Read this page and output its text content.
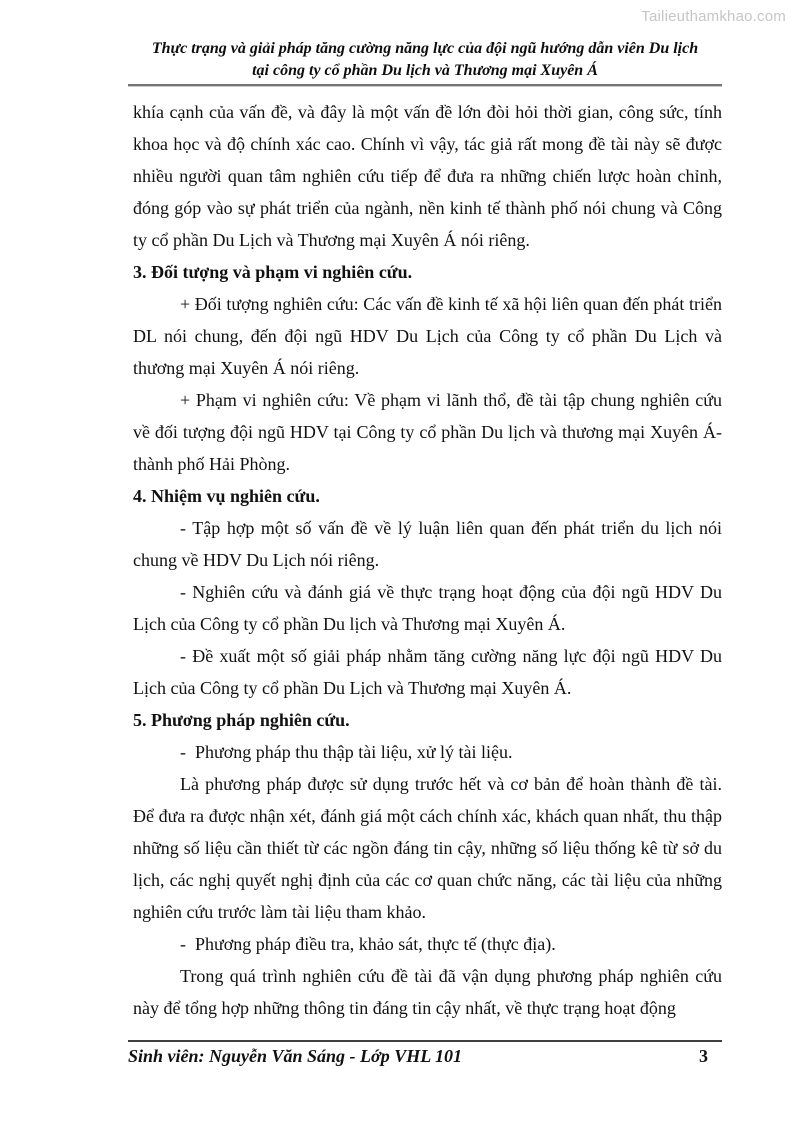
Tailieuthamkhao.com
Thực trạng và giải pháp tăng cường năng lực của đội ngũ hướng dẫn viên Du lịch
tại công ty cổ phần Du lịch và Thương mại Xuyên Á

khía cạnh của vấn đề, và đây là một vấn đề lớn đòi hỏi thời gian, công sức, tính khoa học và độ chính xác cao. Chính vì vậy, tác giả rất mong đề tài này sẽ được nhiều người quan tâm nghiên cứu tiếp để đưa ra những chiến lược hoàn chỉnh, đóng góp vào sự phát triển của ngành, nền kinh tế thành phố nói chung và Công ty cổ phần Du Lịch và Thương mại Xuyên Á nói riêng.

3. Đối tượng và phạm vi nghiên cứu.

+ Đối tượng nghiên cứu: Các vấn đề kinh tế xã hội liên quan đến phát triển DL nói chung, đến đội ngũ HDV Du Lịch của Công ty cổ phần Du Lịch và thương mại Xuyên Á nói riêng.

+ Phạm vi nghiên cứu: Về phạm vi lãnh thổ, đề tài tập chung nghiên cứu về đối tượng đội ngũ HDV tại Công ty cổ phần Du lịch và thương mại Xuyên Á- thành phố Hải Phòng.

4. Nhiệm vụ nghiên cứu.

- Tập hợp một số vấn đề về lý luận liên quan đến phát triển du lịch nói chung về HDV Du Lịch nói riêng.

- Nghiên cứu và đánh giá về thực trạng hoạt động của đội ngũ HDV Du Lịch của Công ty cổ phần Du lịch và Thương mại Xuyên Á.

- Đề xuất một số giải pháp nhằm tăng cường năng lực đội ngũ HDV Du Lịch của Công ty cổ phần Du Lịch và Thương mại Xuyên Á.

5. Phương pháp nghiên cứu.

- Phương pháp thu thập tài liệu, xử lý tài liệu.

Là phương pháp được sử dụng trước hết và cơ bản để hoàn thành đề tài. Để đưa ra được nhận xét, đánh giá một cách chính xác, khách quan nhất, thu thập những số liệu cần thiết từ các ngồn đáng tin cậy, những số liệu thống kê từ sở du lịch, các nghị quyết nghị định của các cơ quan chức năng, các tài liệu của những nghiên cứu trước làm tài liệu tham khảo.

- Phương pháp điều tra, khảo sát, thực tế (thực địa).

Trong quá trình nghiên cứu đề tài đã vận dụng phương pháp nghiên cứu này để tổng hợp những thông tin đáng tin cậy nhất, về thực trạng hoạt động

Sinh viên: Nguyễn Văn Sáng - Lớp VHL 101	3
